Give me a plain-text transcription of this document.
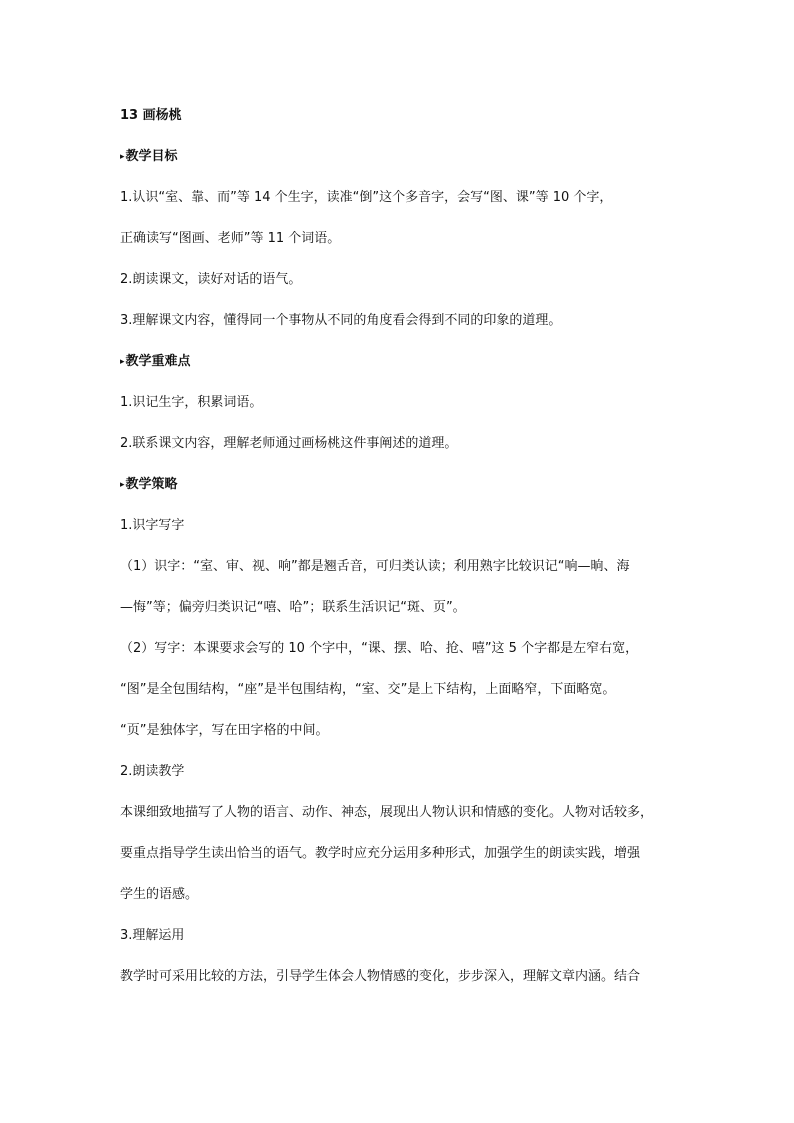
13 画杨桃
▸教学目标
1.认识“室、靠、而”等 14 个生字，读准“倒”这个多音字，会写“图、课”等 10 个字，
正确读写“图画、老师”等 11 个词语。
2.朗读课文，读好对话的语气。
3.理解课文内容，懂得同一个事物从不同的角度看会得到不同的印象的道理。
▸教学重难点
1.识记生字，积累词语。
2.联系课文内容，理解老师通过画杨桃这件事阐述的道理。
▸教学策略
1.识字写字
（1）识字：“室、审、视、响”都是翘舌音，可归类认读；利用熟字比较识记“响—晌、海
—悔”等；偏旁归类识记“嘻、哈”；联系生活识记“斑、页”。
（2）写字：本课要求会写的 10 个字中，“课、摆、哈、抢、嘻”这 5 个字都是左窄右宽，
“图”是全包围结构，“座”是半包围结构，“室、交”是上下结构，上面略窄，下面略宽。
“页”是独体字，写在田字格的中间。
2.朗读教学
本课细致地描写了人物的语言、动作、神态，展现出人物认识和情感的变化。人物对话较多，
要重点指导学生读出恰当的语气。教学时应充分运用多种形式，加强学生的朗读实践，增强
学生的语感。
3.理解运用
教学时可采用比较的方法，引导学生体会人物情感的变化，步步深入，理解文章内涵。结合
